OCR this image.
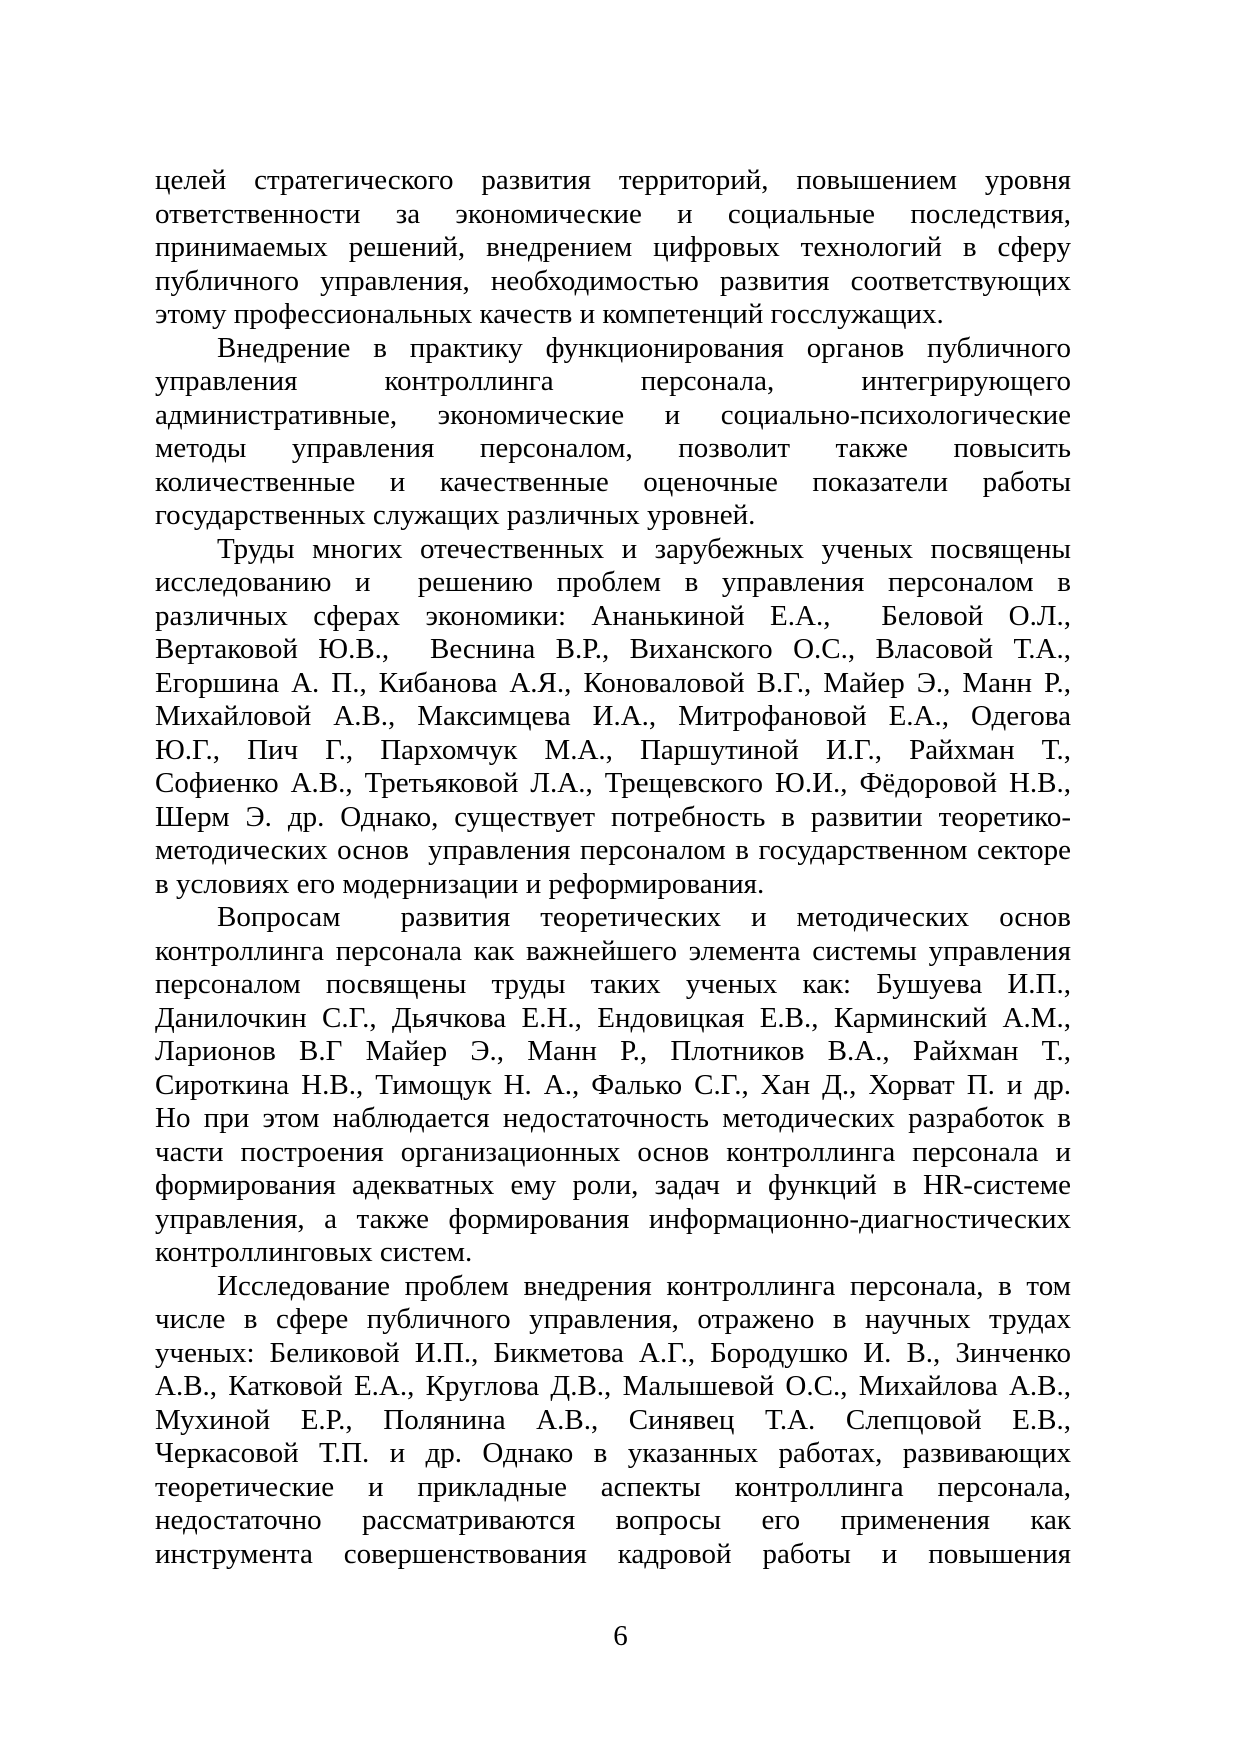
целей стратегического развития территорий, повышением уровня
ответственности за экономические и социальные последствия,
принимаемых решений, внедрением цифровых технологий в сферу
публичного управления, необходимостью развития соответствующих
этому профессиональных качеств и компетенций госслужащих.
Внедрение в практику функционирования органов публичного
управления контроллинга персонала, интегрирующего
административные, экономические и социально-психологические
методы управления персоналом, позволит также повысить
количественные и качественные оценочные показатели работы
государственных служащих различных уровней.
Труды многих отечественных и зарубежных ученых посвящены
исследованию и  решению проблем в управления персоналом в
различных сферах экономики: Ананькиной Е.А.,  Беловой О.Л.,
Вертаковой Ю.В.,  Веснина В.Р., Виханского О.С., Власовой Т.А.,
Егоршина А. П., Кибанова А.Я., Коноваловой В.Г., Майер Э., Манн Р.,
Михайловой А.В., Максимцева И.А., Митрофановой Е.А., Одегова
Ю.Г., Пич Г., Пархомчук М.А., Паршутиной И.Г., Райхман Т.,
Софиенко А.В., Третьяковой Л.А., Трещевского Ю.И., Фёдоровой Н.В.,
Шерм Э. др. Однако, существует потребность в развитии теоретико-
методических основ  управления персоналом в государственном секторе
в условиях его модернизации и реформирования.
Вопросам  развития теоретических и методических основ
контроллинга персонала как важнейшего элемента системы управления
персоналом посвящены труды таких ученых как: Бушуева И.П.,
Данилочкин С.Г., Дьячкова Е.Н., Ендовицкая Е.В., Карминский А.М.,
Ларионов В.Г Майер Э., Манн Р., Плотников В.А., Райхман Т.,
Сироткина Н.В., Тимощук Н. А., Фалько С.Г., Хан Д., Хорват П. и др.
Но при этом наблюдается недостаточность методических разработок в
части построения организационных основ контроллинга персонала и
формирования адекватных ему роли, задач и функций в HR-системе
управления, а также формирования информационно-диагностических
контроллинговых систем.
Исследование проблем внедрения контроллинга персонала, в том
числе в сфере публичного управления, отражено в научных трудах
ученых: Беликовой И.П., Бикметова А.Г., Бородушко И. В., Зинченко
А.В., Катковой Е.А., Круглова Д.В., Малышевой О.С., Михайлова А.В.,
Мухиной Е.Р., Полянина А.В., Синявец Т.А. Слепцовой Е.В.,
Черкасовой Т.П. и др. Однако в указанных работах, развивающих
теоретические и прикладные аспекты контроллинга персонала,
недостаточно рассматриваются вопросы его применения как
инструмента совершенствования кадровой работы и повышения
6
